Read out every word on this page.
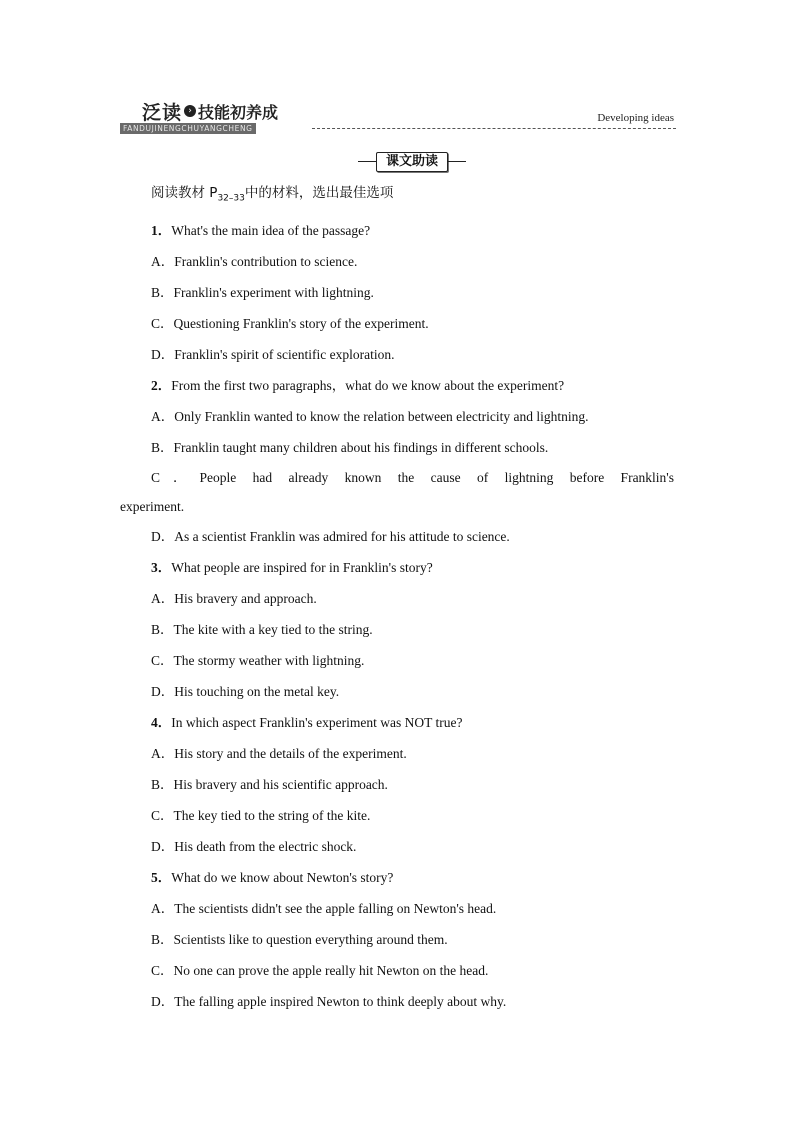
泛读 › 技能初养成
FANDUJINENGCHUYANGCHENG
Developing ideas
课文助读

阅读教材 $P_{32-33}$中的材料，选出最佳选项

1．What's the main idea of the passage?

A．Franklin's contribution to science.

B．Franklin's experiment with lightning.

C．Questioning Franklin's story of the experiment.

D．Franklin's spirit of scientific exploration.

2．From the first two paragraphs，what do we know about the experiment?

A．Only Franklin wanted to know the relation between electricity and lightning.

B．Franklin taught many children about his findings in different schools.

C．People had already known the cause of lightning before Franklin's

experiment.

D．As a scientist Franklin was admired for his attitude to science.

3．What people are inspired for in Franklin's story?

A．His bravery and approach.

B．The kite with a key tied to the string.

C．The stormy weather with lightning.

D．His touching on the metal key.

4．In which aspect Franklin's experiment was NOT true?

A．His story and the details of the experiment.

B．His bravery and his scientific approach.

C．The key tied to the string of the kite.

D．His death from the electric shock.

5．What do we know about Newton's story?

A．The scientists didn't see the apple falling on Newton's head.

B．Scientists like to question everything around them.

C．No one can prove the apple really hit Newton on the head.

D．The falling apple inspired Newton to think deeply about why.
